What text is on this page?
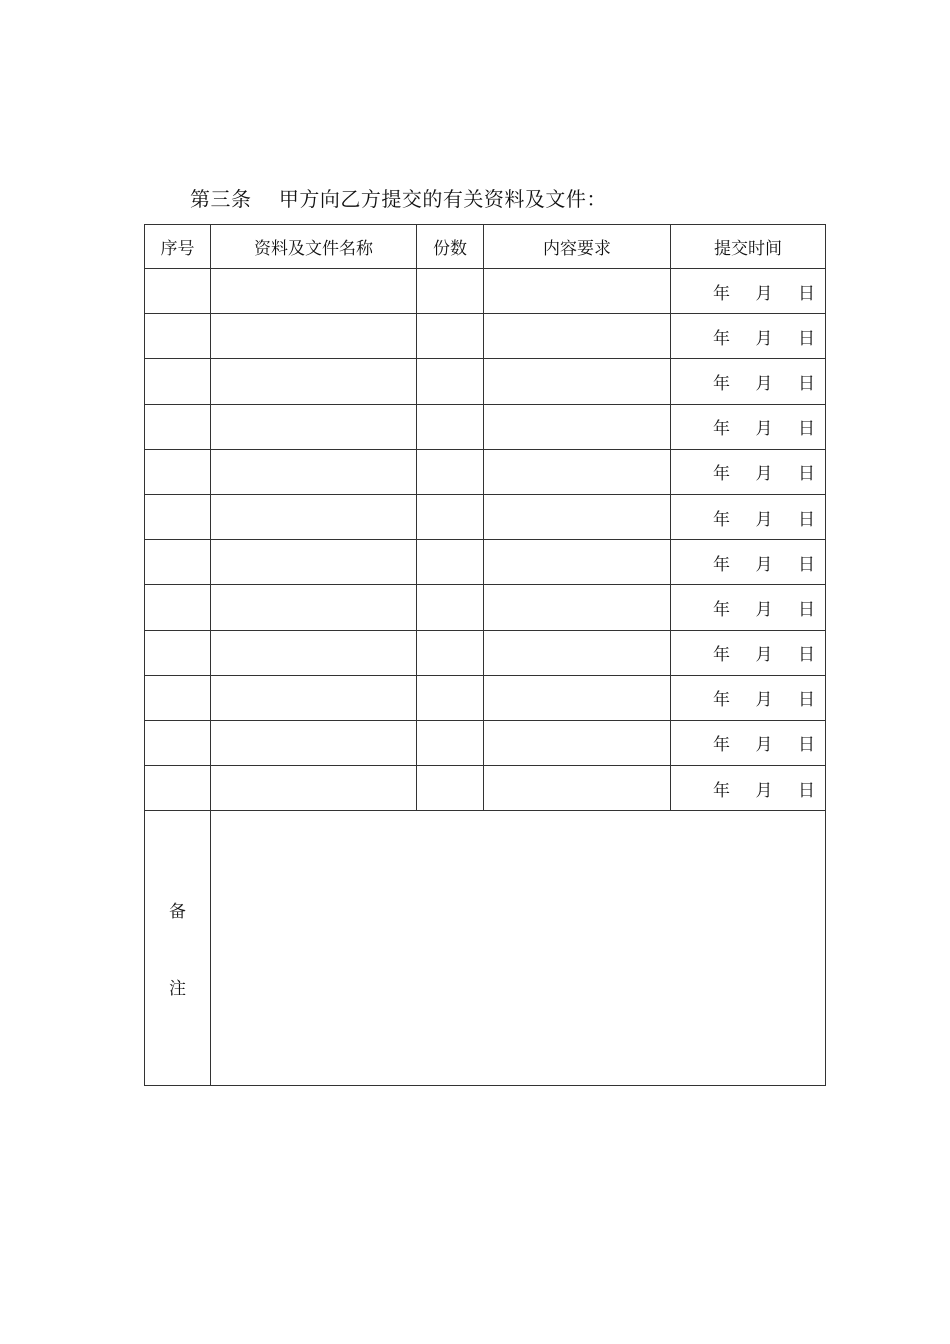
第三条    甲方向乙方提交的有关资料及文件：
序号	资料及文件名称	份数	内容要求	提交时间

				年 月 日

				年 月 日

				年 月 日

				年 月 日

				年 月 日

				年 月 日

				年 月 日

				年 月 日

				年 月 日

				年 月 日

				年 月 日

				年 月 日

备
注				
